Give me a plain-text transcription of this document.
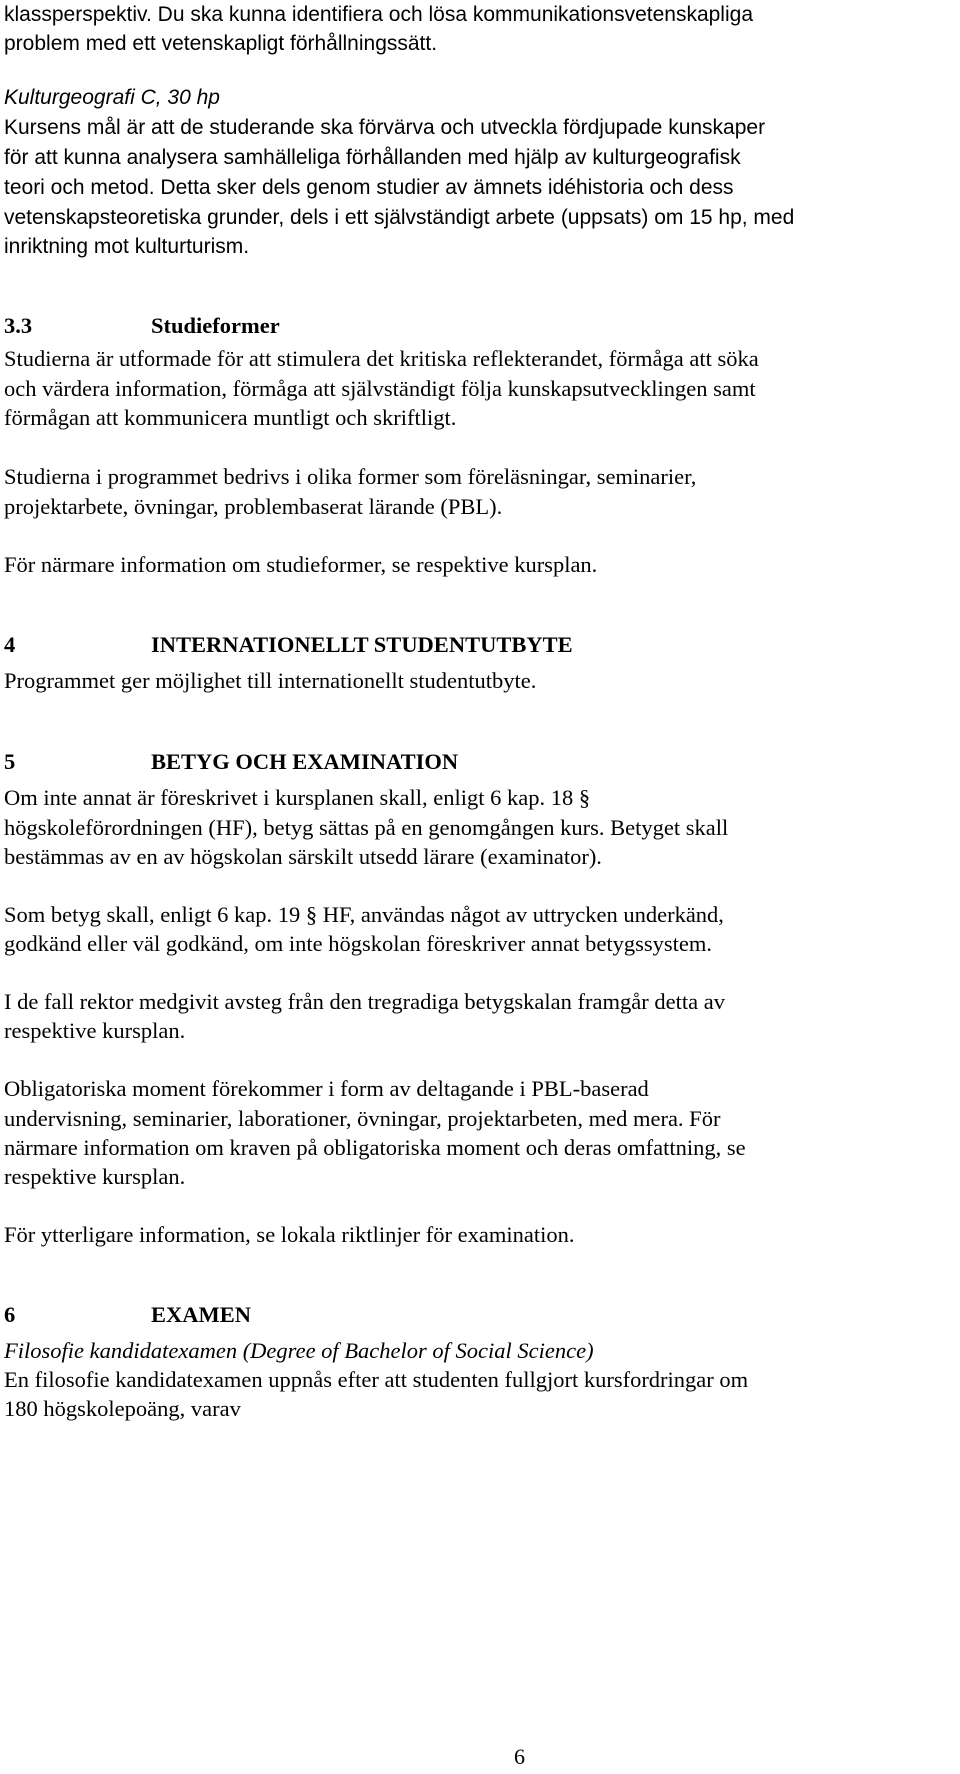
klassperspektiv. Du ska kunna identifiera och lösa kommunikationsvetenskapliga
problem med ett vetenskapligt förhållningssätt.
Kulturgeografi C, 30 hp
Kursens mål är att de studerande ska förvärva och utveckla fördjupade kunskaper
för att kunna analysera samhälleliga förhållanden med hjälp av kulturgeografisk
teori och metod. Detta sker dels genom studier av ämnets idéhistoria och dess
vetenskapsteoretiska grunder, dels i ett självständigt arbete (uppsats) om 15 hp, med
inriktning mot kulturturism.
3.3	Studieformer
Studierna är utformade för att stimulera det kritiska reflekterandet, förmåga att söka
och värdera information, förmåga att självständigt följa kunskapsutvecklingen samt
förmågan att kommunicera muntligt och skriftligt.
Studierna i programmet bedrivs i olika former som föreläsningar, seminarier,
projektarbete, övningar, problembaserat lärande (PBL).
För närmare information om studieformer, se respektive kursplan.
4	INTERNATIONELLT STUDENTUTBYTE
Programmet ger möjlighet till internationellt studentutbyte.
5	BETYG OCH EXAMINATION
Om inte annat är föreskrivet i kursplanen skall, enligt 6 kap. 18 §
högskoleförordningen (HF), betyg sättas på en genomgången kurs. Betyget skall
bestämmas av en av högskolan särskilt utsedd lärare (examinator).
Som betyg skall, enligt 6 kap. 19 § HF, användas något av uttrycken underkänd,
godkänd eller väl godkänd, om inte högskolan föreskriver annat betygssystem.
I de fall rektor medgivit avsteg från den tregradiga betygskalan framgår detta av
respektive kursplan.
Obligatoriska moment förekommer i form av deltagande i PBL-baserad
undervisning, seminarier, laborationer, övningar, projektarbeten, med mera. För
närmare information om kraven på obligatoriska moment och deras omfattning, se
respektive kursplan.
För ytterligare information, se lokala riktlinjer för examination.
6	EXAMEN
Filosofie kandidatexamen (Degree of Bachelor of Social Science)
En filosofie kandidatexamen uppnås efter att studenten fullgjort kursfordringar om
180 högskolepoäng, varav
6
